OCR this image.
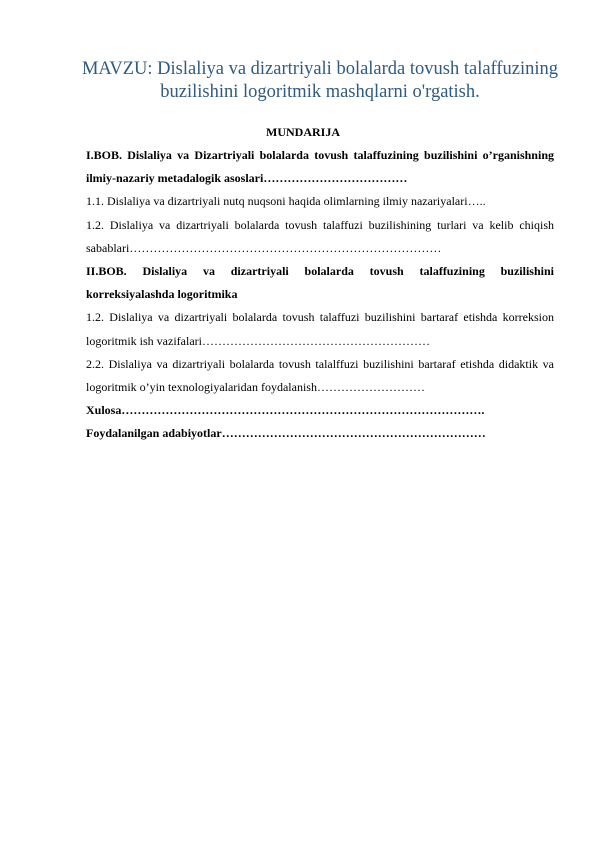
MAVZU: Dislaliya va dizartriyali bolalarda tovush talaffuzining buzilishini logoritmik mashqlarni o'rgatish.
MUNDARIJA

I.BOB. Dislaliya va Dizartriyali bolalarda tovush talaffuzining buzilishini o’rganishning ilmiy-nazariy metadalogik asoslari………………………………

1.1. Dislaliya va dizartriyali nutq nuqsoni haqida olimlarning ilmiy nazariyalari…..

1.2. Dislaliya va dizartriyali bolalarda tovush talaffuzi buzilishining turlari va kelib chiqish sabablari……………………………………………………………………

II.BOB. Dislaliya va dizartriyali bolalarda tovush talaffuzining buzilishini korreksiyalashda logoritmika

1.2. Dislaliya va dizartriyali bolalarda tovush talaffuzi buzilishini bartaraf etishda korreksion logoritmik ish vazifalari…………………………………………………

2.2. Dislaliya va dizartriyali bolalarda tovush talalffuzi buzilishini bartaraf etishda didaktik va logoritmik o’yin texnologiyalaridan foydalanish………………………

Xulosa……………………………………………………………………………….

Foydalanilgan adabiyotlar…………………………………………………………
